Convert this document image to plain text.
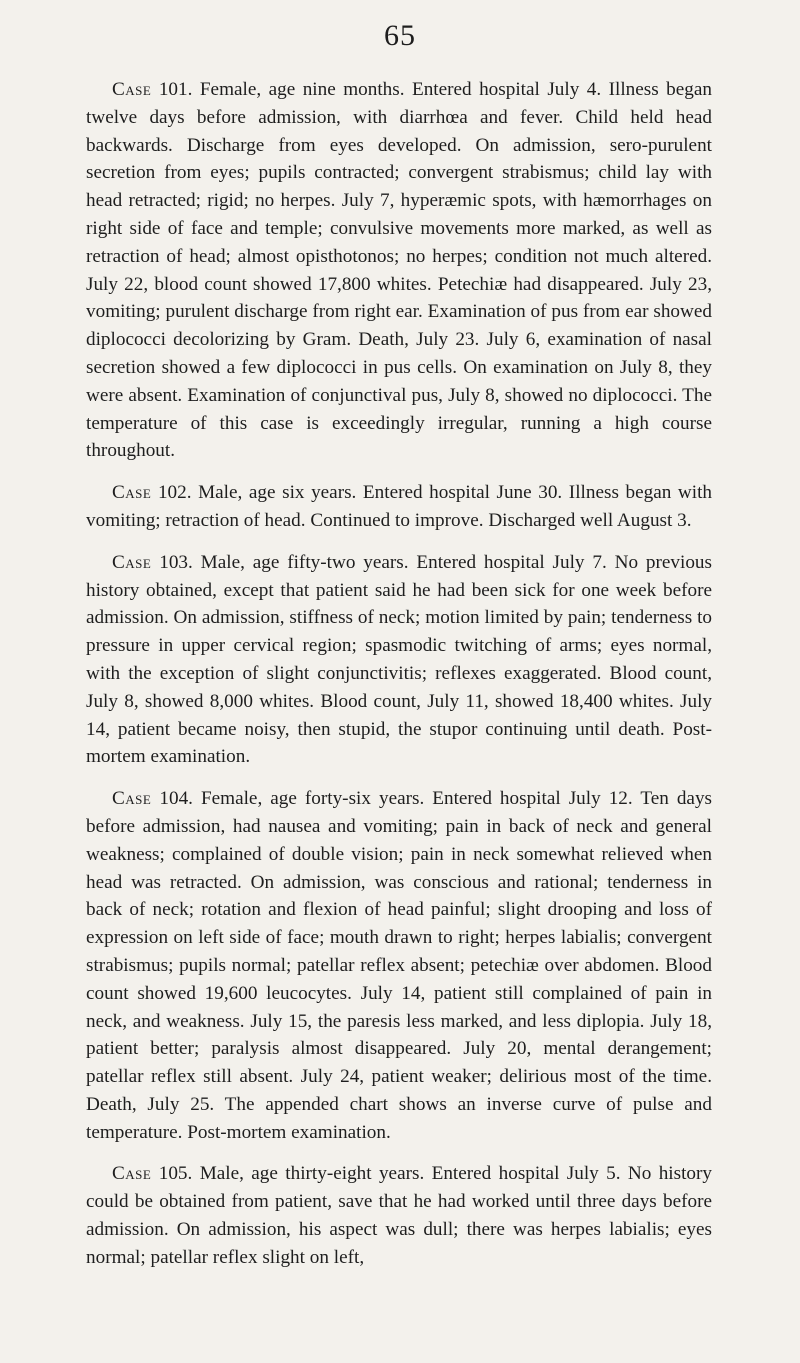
65

Case 101. Female, age nine months. Entered hospital July 4. Illness began twelve days before admission, with diarrhœa and fever. Child held head backwards. Discharge from eyes developed. On admission, sero-purulent secretion from eyes; pupils contracted; convergent strabismus; child lay with head retracted; rigid; no herpes. July 7, hyperæmic spots, with hæmorrhages on right side of face and temple; convulsive movements more marked, as well as retraction of head; almost opisthotonos; no herpes; condition not much altered. July 22, blood count showed 17,800 whites. Petechiæ had disappeared. July 23, vomiting; purulent discharge from right ear. Examination of pus from ear showed diplococci decolorizing by Gram. Death, July 23. July 6, examination of nasal secretion showed a few diplococci in pus cells. On examination on July 8, they were absent. Examination of conjunctival pus, July 8, showed no diplococci. The temperature of this case is exceedingly irregular, running a high course throughout.

Case 102. Male, age six years. Entered hospital June 30. Illness began with vomiting; retraction of head. Continued to improve. Discharged well August 3.

Case 103. Male, age fifty-two years. Entered hospital July 7. No previous history obtained, except that patient said he had been sick for one week before admission. On admission, stiffness of neck; motion limited by pain; tenderness to pressure in upper cervical region; spasmodic twitching of arms; eyes normal, with the exception of slight conjunctivitis; reflexes exaggerated. Blood count, July 8, showed 8,000 whites. Blood count, July 11, showed 18,400 whites. July 14, patient became noisy, then stupid, the stupor continuing until death. Post-mortem examination.

Case 104. Female, age forty-six years. Entered hospital July 12. Ten days before admission, had nausea and vomiting; pain in back of neck and general weakness; complained of double vision; pain in neck somewhat relieved when head was retracted. On admission, was conscious and rational; tenderness in back of neck; rotation and flexion of head painful; slight drooping and loss of expression on left side of face; mouth drawn to right; herpes labialis; convergent strabismus; pupils normal; patellar reflex absent; petechiæ over abdomen. Blood count showed 19,600 leucocytes. July 14, patient still complained of pain in neck, and weakness. July 15, the paresis less marked, and less diplopia. July 18, patient better; paralysis almost disappeared. July 20, mental derangement; patellar reflex still absent. July 24, patient weaker; delirious most of the time. Death, July 25. The appended chart shows an inverse curve of pulse and temperature. Post-mortem examination.

Case 105. Male, age thirty-eight years. Entered hospital July 5. No history could be obtained from patient, save that he had worked until three days before admission. On admission, his aspect was dull; there was herpes labialis; eyes normal; patellar reflex slight on left,
